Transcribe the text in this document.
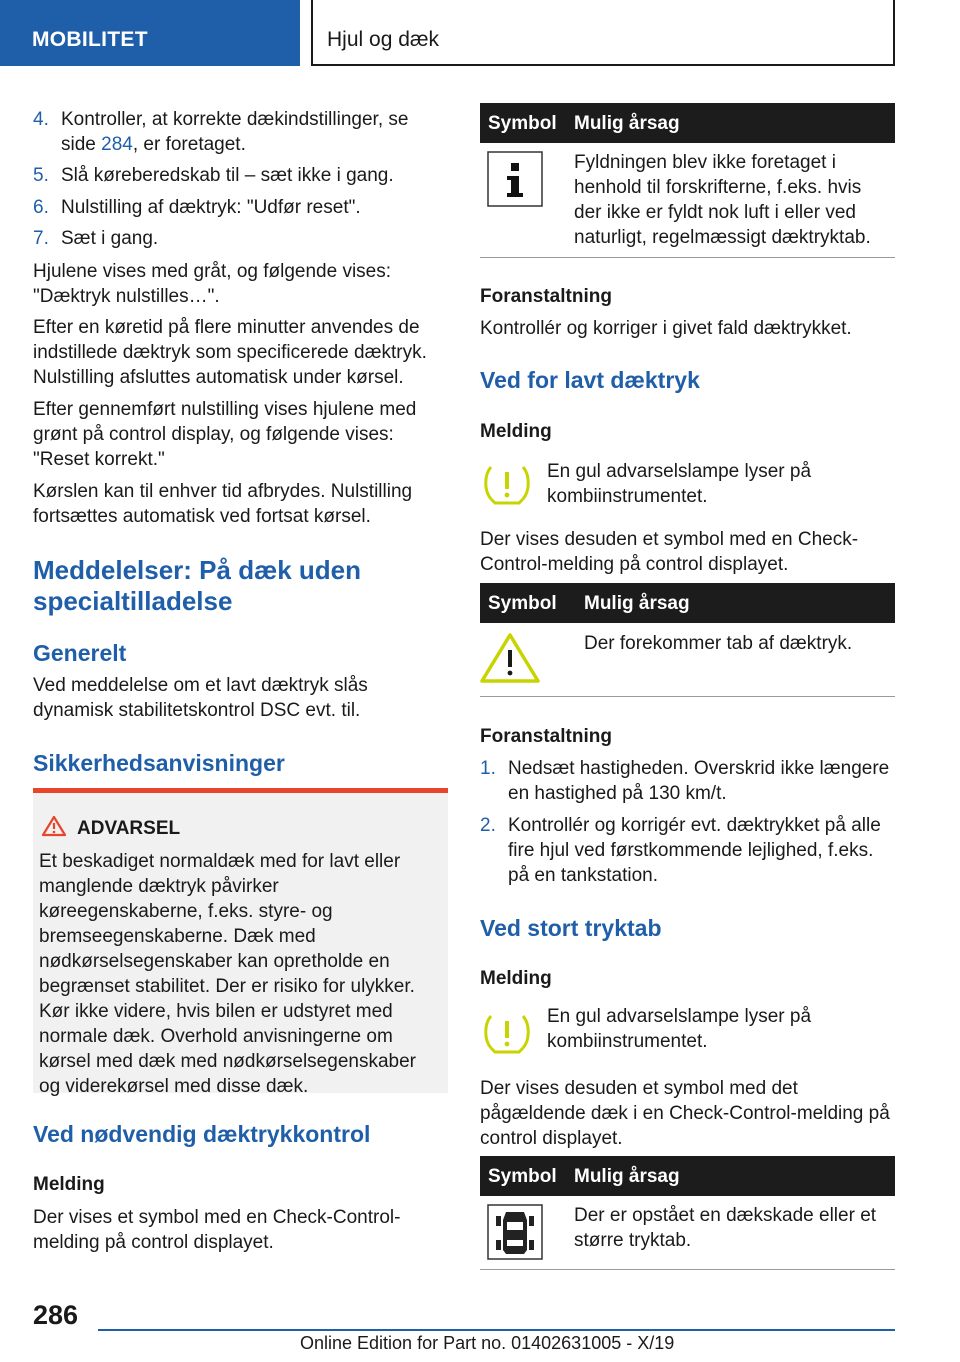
MOBILITET	Hjul og dæk
4. Kontroller, at korrekte dækindstillinger, se side 284, er foretaget.
5. Slå køreberedskab til – sæt ikke i gang.
6. Nulstilling af dæktryk: "Udfør reset".
7. Sæt i gang.

Hjulene vises med gråt, og følgende vises: "Dæktryk nulstilles…".

Efter en køretid på flere minutter anvendes de indstillede dæktryk som specificerede dæktryk. Nulstilling afsluttes automatisk under kørsel.

Efter gennemført nulstilling vises hjulene med grønt på control display, og følgende vises: "Reset korrekt."

Kørslen kan til enhver tid afbrydes. Nulstilling fortsættes automatisk ved fortsat kørsel.

Meddelelser: På dæk uden
specialtilladelse
Generelt

Ved meddelelse om et lavt dæktryk slås dynamisk stabilitetskontrol DSC evt. til.

Sikkerhedsanvisninger
ADVARSEL

Et beskadiget normaldæk med for lavt eller manglende dæktryk påvirker køreegenskaberne, f.eks. styre- og bremseegenskaberne. Dæk med nødkørselsegenskaber kan opretholde en begrænset stabilitet. Der er risiko for ulykker. Kør ikke videre, hvis bilen er udstyret med normale dæk. Overhold anvisningerne om kørsel med dæk med nødkørselsegenskaber og viderekørsel med disse dæk.

Ved nødvendig dæktrykkontrol
Melding

Der vises et symbol med en Check-Control-melding på control displayet.

Symbol Mulig årsag

Fyldningen blev ikke foretaget i henhold til forskrifterne, f.eks. hvis der ikke er fyldt nok luft i eller ved naturligt, regelmæssigt dæktryktab.

Foranstaltning

Kontrollér og korriger i givet fald dæktrykket.

Ved for lavt dæktryk
Melding

En gul advarselslampe lyser på kombiinstrumentet.

Der vises desuden et symbol med en Check-Control-melding på control displayet.

Symbol Mulig årsag

Der forekommer tab af dæktryk.

Foranstaltning
1. Nedsæt hastigheden. Overskrid ikke længere en hastighed på 130 km/t.
2. Kontrollér og korrigér evt. dæktrykket på alle fire hjul ved førstkommende lejlighed, f.eks. på en tankstation.
Ved stort tryktab
Melding

En gul advarselslampe lyser på kombiinstrumentet.

Der vises desuden et symbol med det pågældende dæk i en Check-Control-melding på control displayet.

Symbol Mulig årsag

Der er opstået en dækskade eller et større tryktab.

286
Online Edition for Part no. 01402631005 - X/19
